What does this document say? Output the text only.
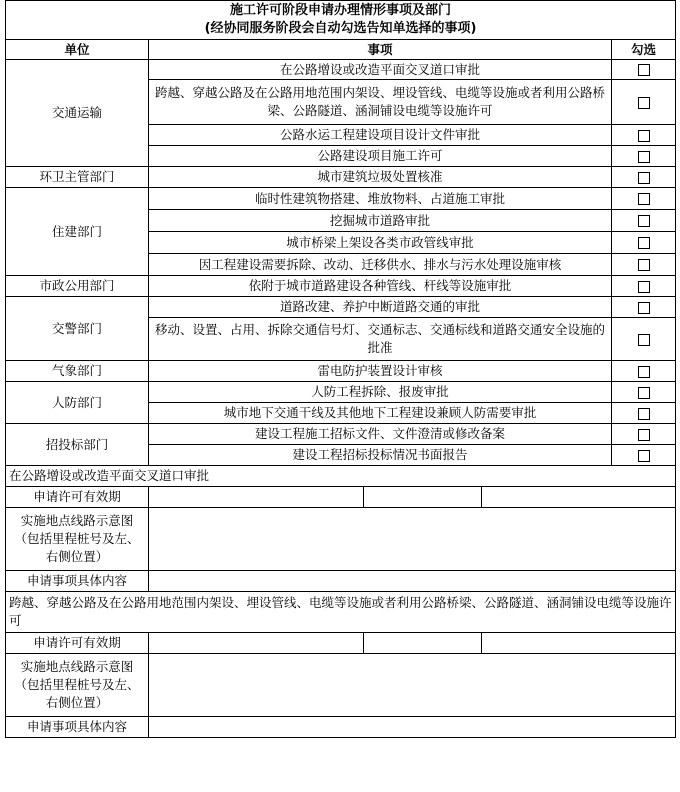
施工许可阶段申请办理情形事项及部门
(经协同服务阶段会自动勾选告知单选择的事项)				

单位	事项			勾选
交通运输	在公路增设或改造平面交叉道口审批			
	跨越、穿越公路及在公路用地范围内架设、埋设管线、电缆等设施或者利用公路桥梁、公路隧道、涵洞铺设电缆等设施许可			
	公路水运工程建设项目设计文件审批			
	公路建设项目施工许可			
环卫主管部门	城市建筑垃圾处置核准			
住建部门	临时性建筑物搭建、堆放物料、占道施工审批			
	挖掘城市道路审批			
	城市桥梁上架设各类市政管线审批			
	因工程建设需要拆除、改动、迁移供水、排水与污水处理设施审核			
市政公用部门	依附于城市道路建设各种管线、杆线等设施审批			
交警部门	道路改建、养护中断道路交通的审批			
	移动、设置、占用、拆除交通信号灯、交通标志、交通标线和道路交通安全设施的批准			
气象部门	雷电防护装置设计审核			
人防部门	人防工程拆除、报废审批			
	城市地下交通干线及其他地下工程建设兼顾人防需要审批			
招投标部门	建设工程施工招标文件、文件澄清或修改备案			
	建设工程招标投标情况书面报告			
在公路增设或改造平面交叉道口审批				
申请许可有效期				
实施地点线路示意图（包括里程桩号及左、右侧位置）				
申请事项具体内容				
跨越、穿越公路及在公路用地范围内架设、埋设管线、电缆等设施或者利用公路桥梁、公路隧道、涵洞铺设电缆等设施许可				
申请许可有效期				
实施地点线路示意图（包括里程桩号及左、右侧位置）				
申请事项具体内容				
